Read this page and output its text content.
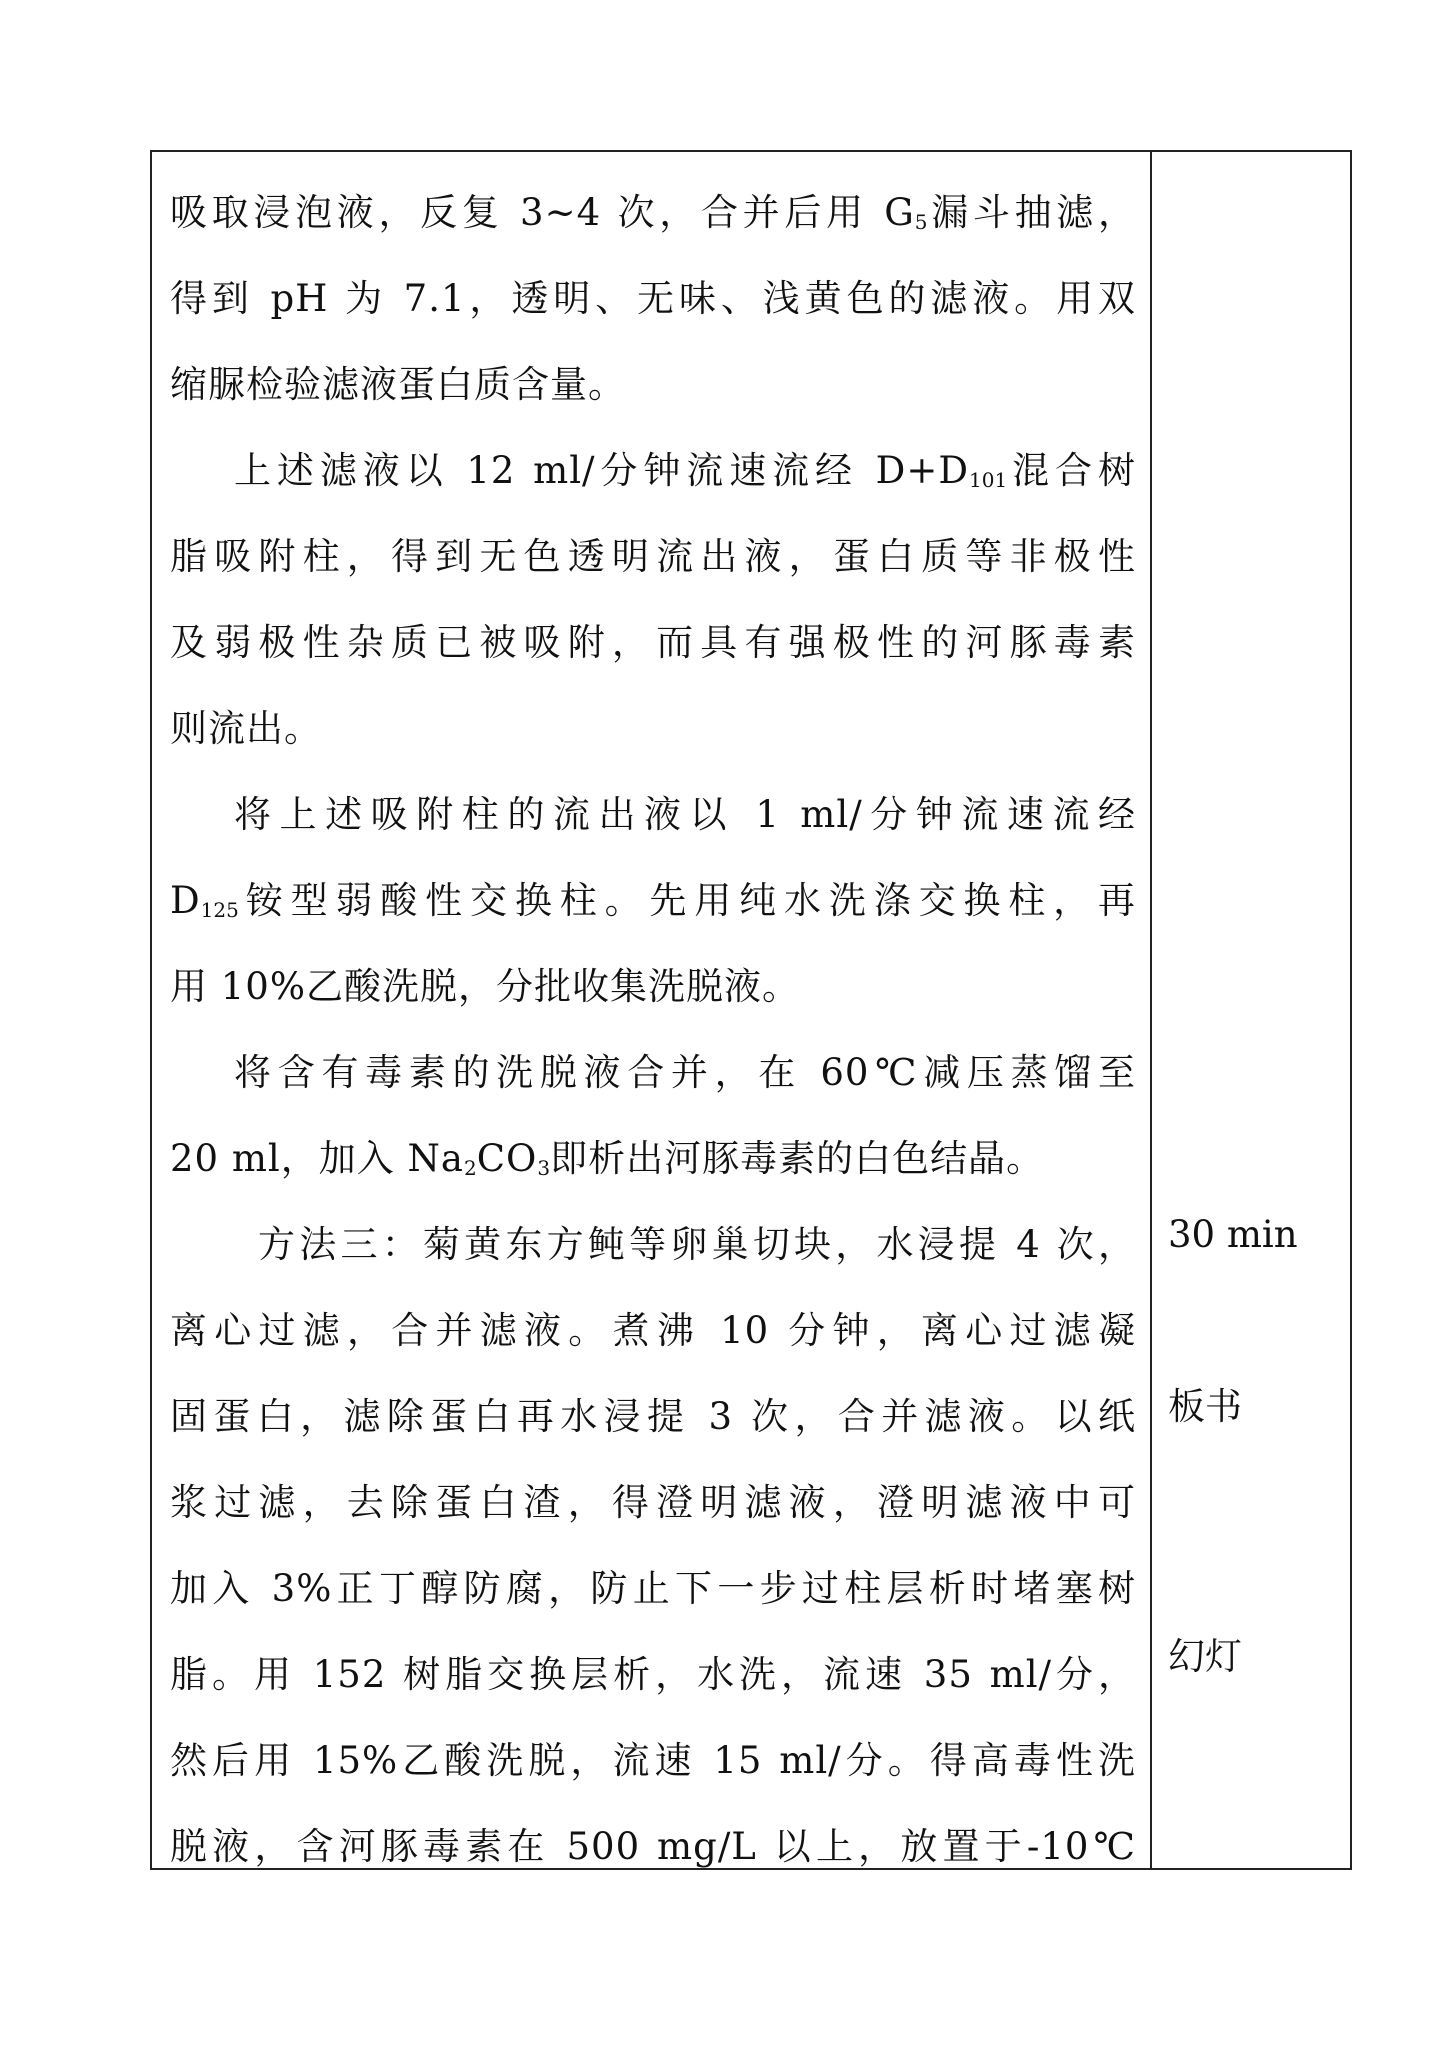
吸取浸泡液，反复 3~4 次，合并后用 $G_5$漏斗抽滤，
得到 pH 为 7.1，透明、无味、浅黄色的滤液。用双
缩脲检验滤液蛋白质含量。
上述滤液以 12 ml/分钟流速流经 $D+D_{101}$混合树
脂吸附柱，得到无色透明流出液，蛋白质等非极性
及弱极性杂质已被吸附，而具有强极性的河豚毒素
则流出。
将上述吸附柱的流出液以 1 ml/分钟流速流经
$D_{125}$铵型弱酸性交换柱。先用纯水洗涤交换柱，再
用 10%乙酸洗脱，分批收集洗脱液。
将含有毒素的洗脱液合并，在 60℃减压蒸馏至
20 ml，加入 $Na_2CO_3$即析出河豚毒素的白色结晶。
方法三：菊黄东方鲀等卵巢切块，水浸提 4 次，
离心过滤，合并滤液。煮沸 10 分钟，离心过滤凝
固蛋白，滤除蛋白再水浸提 3 次，合并滤液。以纸
浆过滤，去除蛋白渣，得澄明滤液，澄明滤液中可
加入 3%正丁醇防腐，防止下一步过柱层析时堵塞树
脂。用 152 树脂交换层析，水洗，流速 35 ml/分，
然后用 15%乙酸洗脱，流速 15 ml/分。得高毒性洗
脱液，含河豚毒素在 500 mg/L 以上，放置于-10℃
30 min
板书
幻灯
